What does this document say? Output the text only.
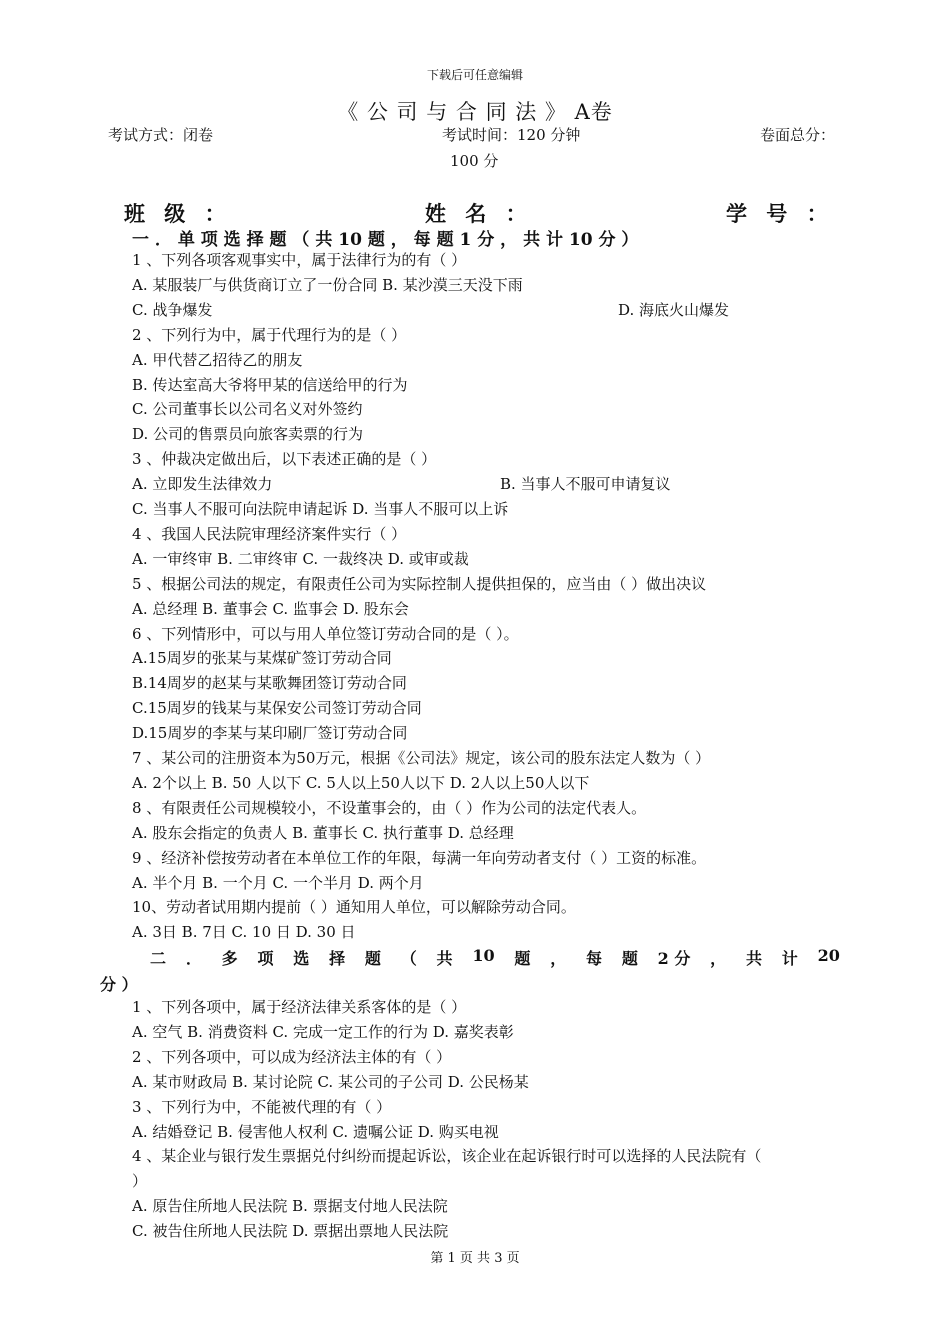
下载后可任意编辑
《 公 司 与 合 同 法 》 A卷
考试方式：闭卷	考试时间：120 分钟	卷面总分：
100 分
班 级 ：	姓 名 ：	学 号 ：
一 ． 单 项 选 择 题 （ 共 10 题 ， 每 题 1 分 ， 共 计 10 分 ）
1 、下列各项客观事实中，属于法律行为的有（ ）
A. 某服装厂与供货商订立了一份合同 B. 某沙漠三天没下雨
C. 战争爆发
2 、下列行为中，属于代理行为的是（ ）
A. 甲代替乙招待乙的朋友
B. 传达室高大爷将甲某的信送给甲的行为
C. 公司董事长以公司名义对外签约
D. 公司的售票员向旅客卖票的行为
3 、仲裁决定做出后，以下表述正确的是（ ）
A. 立即发生法律效力
C. 当事人不服可向法院申请起诉 D. 当事人不服可以上诉
4 、我国人民法院审理经济案件实行（ ）
A. 一审终审 B. 二审终审 C. 一裁终决 D. 或审或裁
5 、根据公司法的规定，有限责任公司为实际控制人提供担保的，应当由（ ）做出决议
A. 总经理 B. 董事会 C. 监事会 D. 股东会
6 、下列情形中，可以与用人单位签订劳动合同的是（ ）。
A.15周岁的张某与某煤矿签订劳动合同
B.14周岁的赵某与某歌舞团签订劳动合同
C.15周岁的钱某与某保安公司签订劳动合同
D.15周岁的李某与某印刷厂签订劳动合同
7 、某公司的注册资本为50万元，根据《公司法》规定，该公司的股东法定人数为（ ）
A. 2个以上 B. 50 人以下 C. 5人以上50人以下 D. 2人以上50人以下
8 、有限责任公司规模较小，不设董事会的，由（ ）作为公司的法定代表人。
A. 股东会指定的负责人 B. 董事长 C. 执行董事 D. 总经理
9 、经济补偿按劳动者在本单位工作的年限，每满一年向劳动者支付（ ）工资的标准。
A. 半个月 B. 一个月 C. 一个半月 D. 两个月
10、劳动者试用期内提前（ ）通知用人单位，可以解除劳动合同。
A. 3日 B. 7日 C. 10 日 D. 30 日
D. 海底火山爆发
B. 当事人不服可申请复议
二 ． 多 项 选 择 题 （ 共 10 题 ， 每 题 2 分 ， 共 计 20
分 ）
1 、下列各项中，属于经济法律关系客体的是（ ）
A. 空气 B. 消费资料 C. 完成一定工作的行为 D. 嘉奖表彰
2 、下列各项中，可以成为经济法主体的有（ ）
A. 某市财政局 B. 某讨论院 C. 某公司的子公司 D. 公民杨某
3 、下列行为中，不能被代理的有（ ）
A. 结婚登记 B. 侵害他人权利 C. 遗嘱公证 D. 购买电视
4 、某企业与银行发生票据兑付纠纷而提起诉讼，该企业在起诉银行时可以选择的人民法院有（
）
A. 原告住所地人民法院 B. 票据支付地人民法院
C. 被告住所地人民法院 D. 票据出票地人民法院
第 1 页 共 3 页
